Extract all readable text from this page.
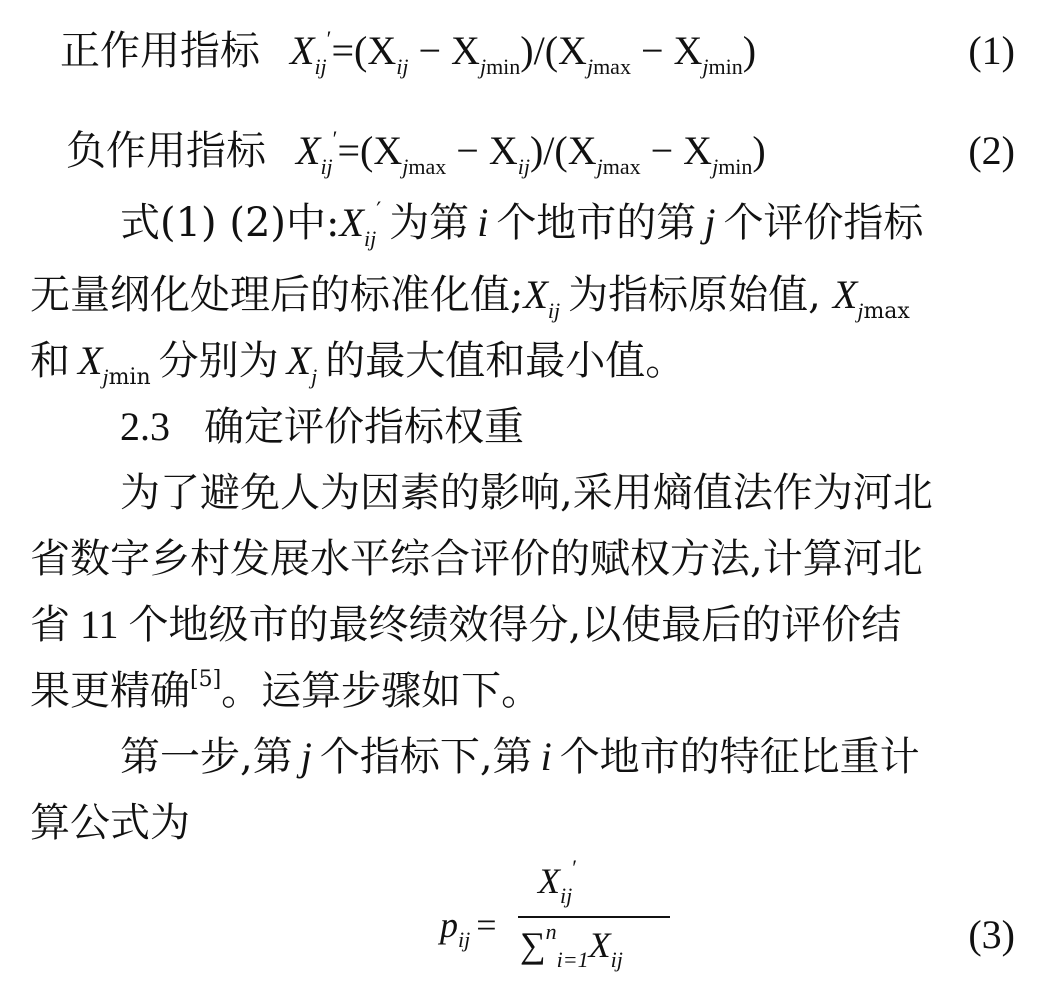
正作用指标 $X_{ij}'=(X_{ij} - X_{jmin})/(X_{jmax} - X_{jmin})$	(1)
负作用指标 $X_{ij}'=(X_{jmax} - X_{ij})/(X_{jmax} - X_{jmin})$	(2)
式(1) (2)中$:X_{ij}'$ 为第 i 个地市的第 j 个评价指标
无量纲化处理后的标准化值$;X_{ij}$ 为指标原始值, $X_{jmax}$
和 $X_{jmin}$ 分别为 $X_j$ 的最大值和最小值。
2.3 确定评价指标权重
为了避免人为因素的影响,采用熵值法作为河北
省数字乡村发展水平综合评价的赋权方法,计算河北
省 11 个地级市的最终绩效得分,以使最后的评价结
果更精确[5]。运算步骤如下。
第一步,第 j 个指标下,第 i 个地市的特征比重计
算公式为
$p_{ij}$ =
$X_{ij}'$
$\sum^n_{i=1}X_{ij}$
(3)
